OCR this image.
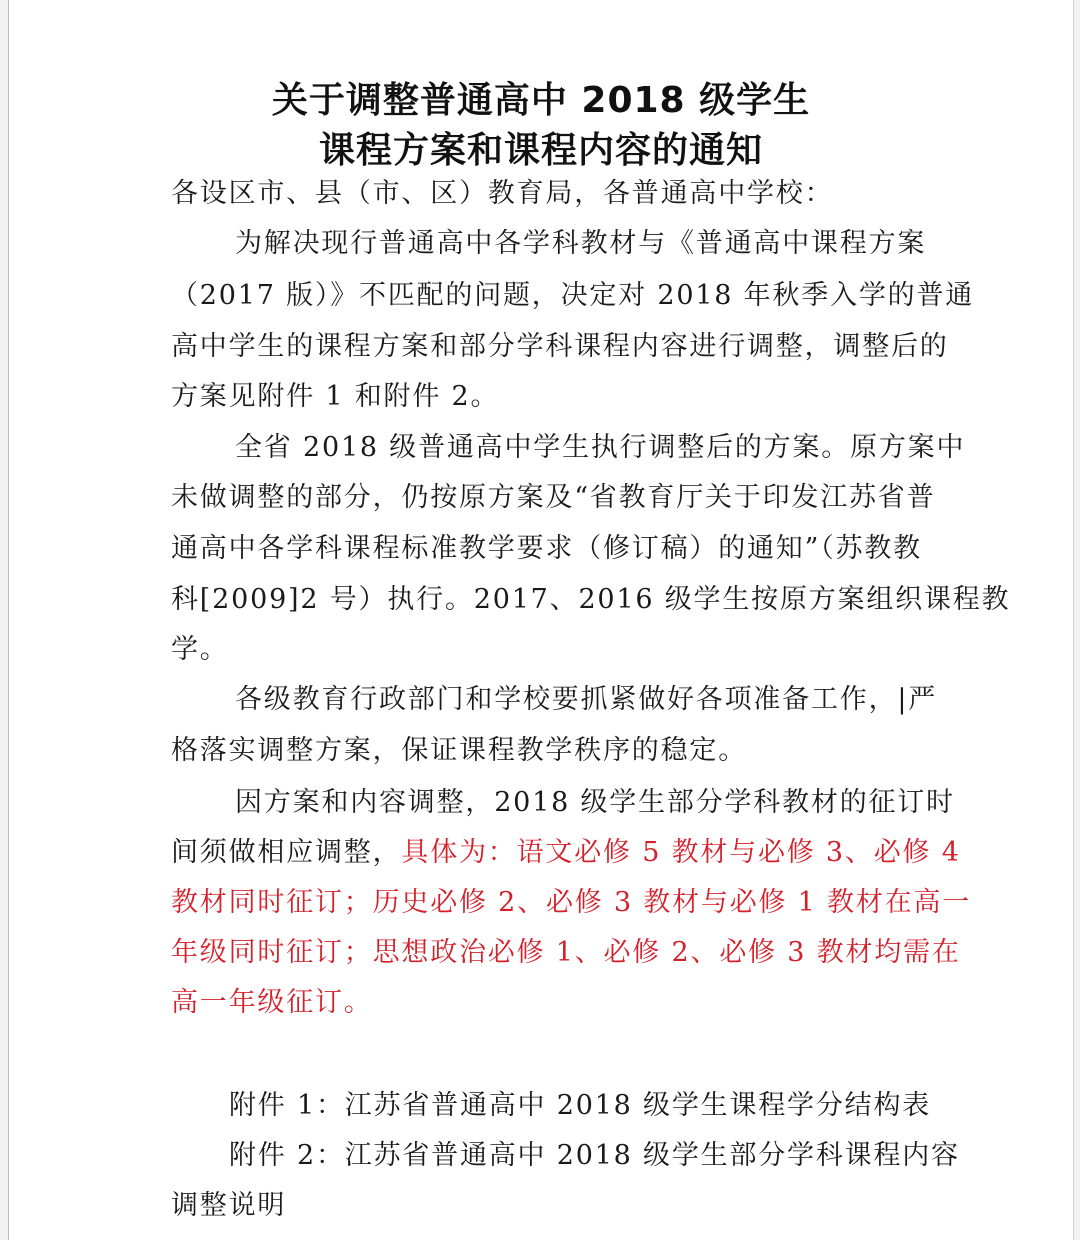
关于调整普通高中 2018 级学生
课程方案和课程内容的通知
各设区市、县（市、区）教育局，各普通高中学校：
为解决现行普通高中各学科教材与《普通高中课程方案
（2017 版）》不匹配的问题，决定对 2018 年秋季入学的普通
高中学生的课程方案和部分学科课程内容进行调整，调整后的
方案见附件 1 和附件 2。
全省 2018 级普通高中学生执行调整后的方案。原方案中
未做调整的部分，仍按原方案及“省教育厅关于印发江苏省普
通高中各学科课程标准教学要求（修订稿）的通知”（苏教教
科[2009]2 号）执行。2017、2016 级学生按原方案组织课程教
学。
各级教育行政部门和学校要抓紧做好各项准备工作，|严
格落实调整方案，保证课程教学秩序的稳定。
因方案和内容调整，2018 级学生部分学科教材的征订时
间须做相应调整，具体为：语文必修 5 教材与必修 3、必修 4
教材同时征订；历史必修 2、必修 3 教材与必修 1 教材在高一
年级同时征订；思想政治必修 1、必修 2、必修 3 教材均需在
高一年级征订。
附件 1：江苏省普通高中 2018 级学生课程学分结构表
附件 2：江苏省普通高中 2018 级学生部分学科课程内容
调整说明
